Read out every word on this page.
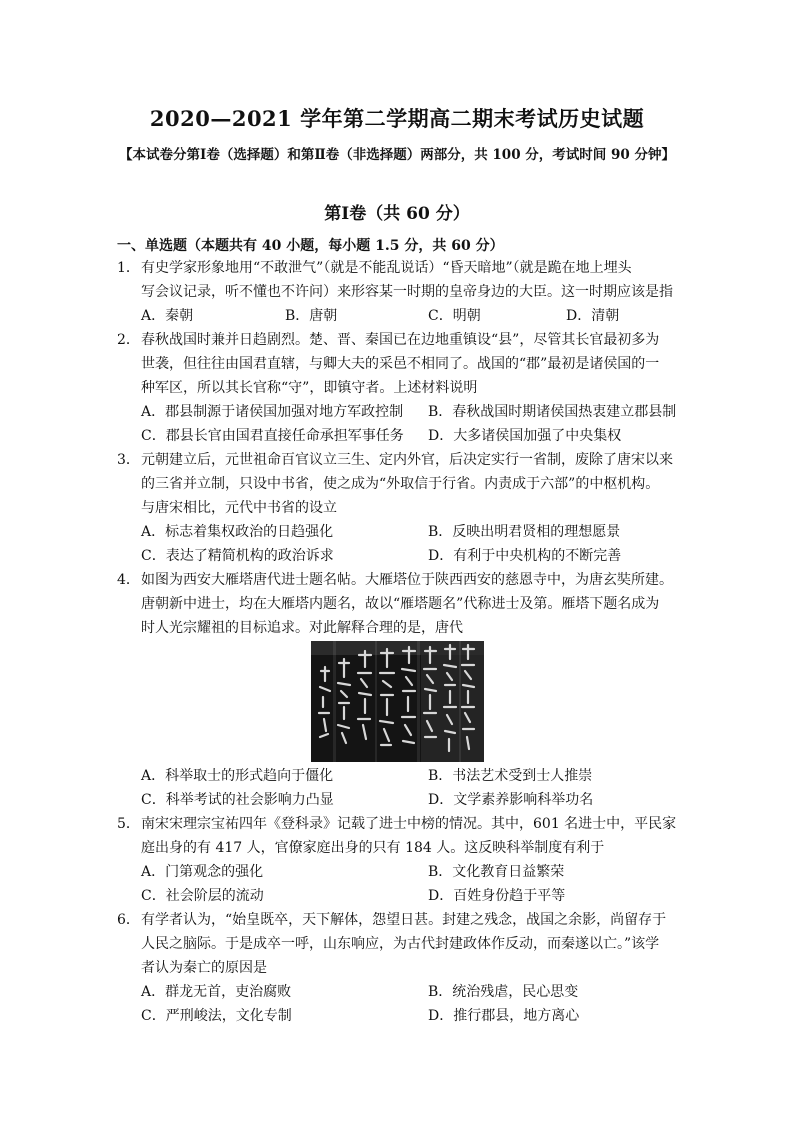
2020—2021 学年第二学期高二期末考试历史试题
【本试卷分第Ⅰ卷（选择题）和第Ⅱ卷（非选择题）两部分，共 100 分，考试时间 90 分钟】
第Ⅰ卷（共 60 分）
一、单选题（本题共有 40 小题，每小题 1.5 分，共 60 分）
1．有史学家形象地用“不敢泄气”（就是不能乱说话）“昏天暗地”（就是跪在地上埋头
写会议记录，听不懂也不许问）来形容某一时期的皇帝身边的大臣。这一时期应该是指
A．秦朝	B．唐朝	C．明朝	D．清朝
2．春秋战国时兼并日趋剧烈。楚、晋、秦国已在边地重镇设“县”，尽管其长官最初多为
世袭，但往往由国君直辖，与卿大夫的采邑不相同了。战国的“郡”最初是诸侯国的一
种军区，所以其长官称“守”，即镇守者。上述材料说明
A．郡县制源于诸侯国加强对地方军政控制 B．春秋战国时期诸侯国热衷建立郡县制
C．郡县长官由国君直接任命承担军事任务 D．大多诸侯国加强了中央集权
3．元朝建立后，元世祖命百官议立三生、定内外官，后决定实行一省制，废除了唐宋以来
的三省并立制，只设中书省，使之成为“外取信于行省。内责成于六部”的中枢机构。
与唐宋相比，元代中书省的设立
A．标志着集权政治的日趋强化	B．反映出明君贤相的理想愿景
C．表达了精简机构的政治诉求	D．有利于中央机构的不断完善
4．如图为西安大雁塔唐代进士题名帖。大雁塔位于陕西西安的慈恩寺中，为唐玄奘所建。
唐朝新中进士，均在大雁塔内题名，故以“雁塔题名”代称进士及第。雁塔下题名成为
时人光宗耀祖的目标追求。对此解释合理的是，唐代
A．科举取士的形式趋向于僵化	B．书法艺术受到士人推崇
C．科举考试的社会影响力凸显	D．文学素养影响科举功名
5．南宋宋理宗宝祐四年《登科录》记载了进士中榜的情况。其中，601 名进士中，平民家
庭出身的有 417 人，官僚家庭出身的只有 184 人。这反映科举制度有利于
A．门第观念的强化	B．文化教育日益繁荣
C．社会阶层的流动	D．百姓身份趋于平等
6．有学者认为，“始皇既卒，天下解体，怨望日甚。封建之残念，战国之余影，尚留存于
人民之脑际。于是成卒一呼，山东响应，为古代封建政体作反动，而秦遂以亡。”该学
者认为秦亡的原因是
A．群龙无首，吏治腐败	B．统治残虐，民心思变
C．严刑峻法，文化专制	D．推行郡县，地方离心
